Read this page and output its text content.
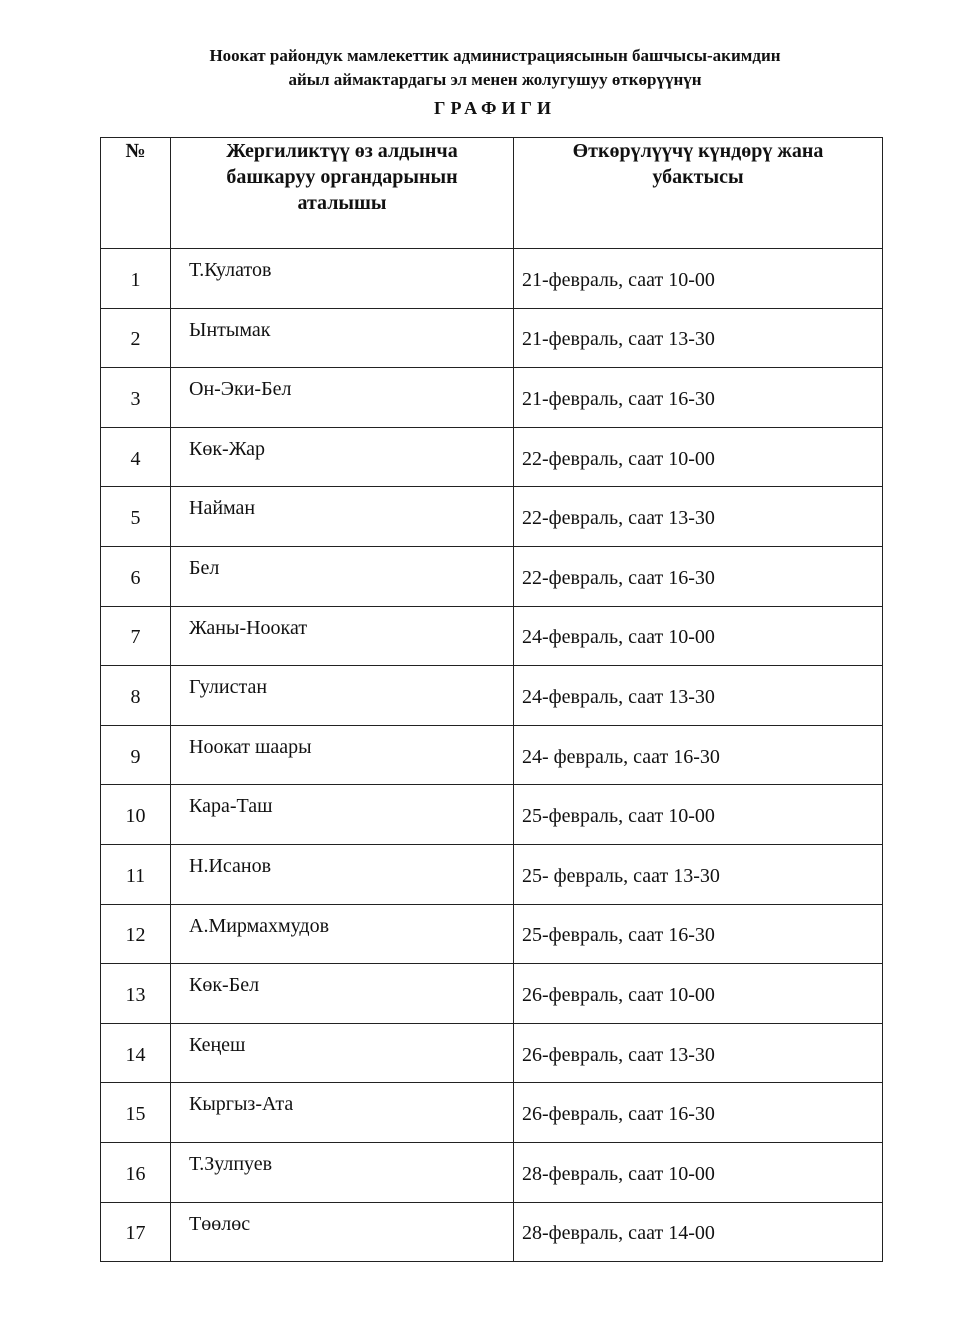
Ноокат райондук мамлекеттик администрациясынын башчысы-акимдин
айыл аймактардагы эл менен жолугушуу өткөрүүнүн
ГРАФИГИ
№	Жергиликтүү өз алдынча башкаруу органдарынын аталышы	Өткөрүлүүчү күндөрү жана убактысы
1	Т.Кулатов	21-февраль, саат 10-00
2	Ынтымак	21-февраль, саат 13-30
3	Он-Эки-Бел	21-февраль, саат 16-30
4	Көк-Жар	22-февраль, саат 10-00
5	Найман	22-февраль, саат 13-30
6	Бел	22-февраль, саат 16-30
7	Жаны-Ноокат	24-февраль, саат 10-00
8	Гулистан	24-февраль, саат 13-30
9	Ноокат шаары	24- февраль, саат 16-30
10	Кара-Таш	25-февраль, саат 10-00
11	Н.Исанов	25- февраль, саат 13-30
12	А.Мирмахмудов	25-февраль, саат 16-30
13	Көк-Бел	26-февраль, саат 10-00
14	Кеңеш	26-февраль, саат 13-30
15	Кыргыз-Ата	26-февраль, саат 16-30
16	Т.Зулпуев	28-февраль, саат 10-00
17	Төөлөс	28-февраль, саат 14-00
